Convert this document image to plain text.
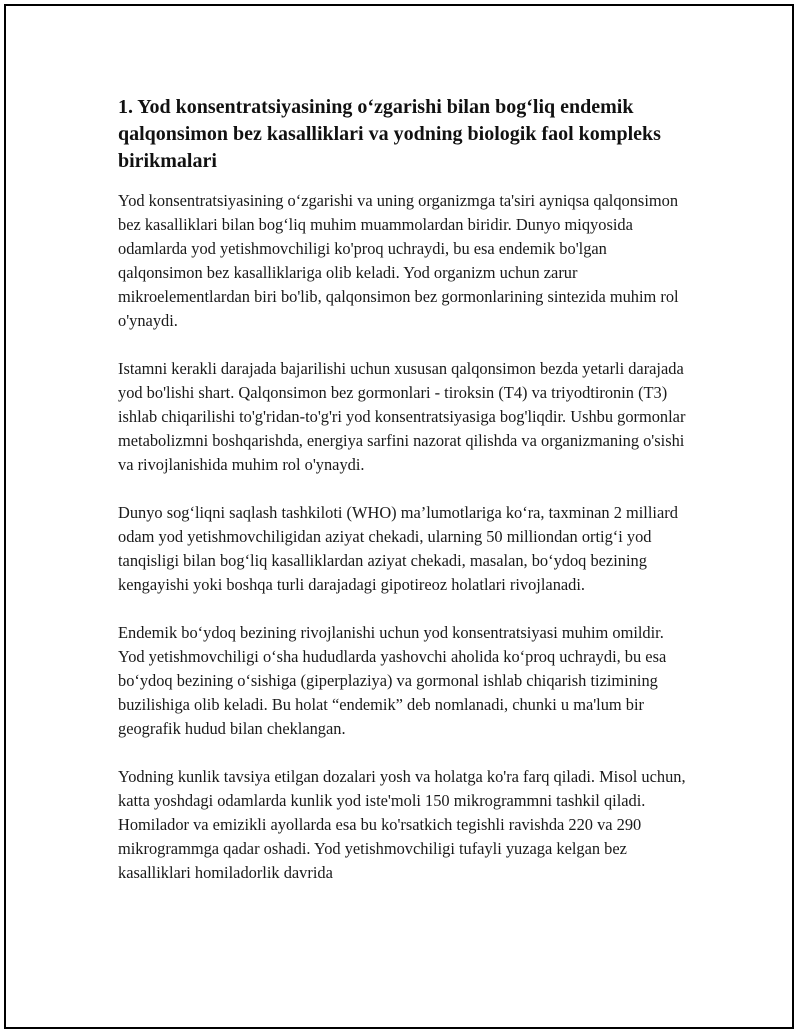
1. Yod konsentratsiyasining o‘zgarishi bilan bog‘liq endemik qalqonsimon bez kasalliklari va yodning biologik faol kompleks birikmalari

Yod konsentratsiyasining o‘zgarishi va uning organizmga ta'siri ayniqsa qalqonsimon bez kasalliklari bilan bog‘liq muhim muammolardan biridir. Dunyo miqyosida odamlarda yod yetishmovchiligi ko'proq uchraydi, bu esa endemik bo'lgan qalqonsimon bez kasalliklariga olib keladi. Yod organizm uchun zarur mikroelementlardan biri bo'lib, qalqonsimon bez gormonlarining sintezida muhim rol o'ynaydi.

Istamni kerakli darajada bajarilishi uchun xususan qalqonsimon bezda yetarli darajada yod bo'lishi shart. Qalqonsimon bez gormonlari - tiroksin (T4) va triyodtironin (T3) ishlab chiqarilishi to'g'ridan-to'g'ri yod konsentratsiyasiga bog'liqdir. Ushbu gormonlar metabolizmni boshqarishda, energiya sarfini nazorat qilishda va organizmaning o'sishi va rivojlanishida muhim rol o'ynaydi.

Dunyo sog‘liqni saqlash tashkiloti (WHO) ma’lumotlariga ko‘ra, taxminan 2 milliard odam yod yetishmovchiligidan aziyat chekadi, ularning 50 milliondan ortig‘i yod tanqisligi bilan bog‘liq kasalliklardan aziyat chekadi, masalan, bo‘ydoq bezining kengayishi yoki boshqa turli darajadagi gipotireoz holatlari rivojlanadi.

Endemik bo‘ydoq bezining rivojlanishi uchun yod konsentratsiyasi muhim omildir. Yod yetishmovchiligi o‘sha hududlarda yashovchi aholida ko‘proq uchraydi, bu esa bo‘ydoq bezining o‘sishiga (giperplaziya) va gormonal ishlab chiqarish tizimining buzilishiga olib keladi. Bu holat “endemik” deb nomlanadi, chunki u ma'lum bir geografik hudud bilan cheklangan.

Yodning kunlik tavsiya etilgan dozalari yosh va holatga ko'ra farq qiladi. Misol uchun, katta yoshdagi odamlarda kunlik yod iste'moli 150 mikrogrammni tashkil qiladi. Homilador va emizikli ayollarda esa bu ko'rsatkich tegishli ravishda 220 va 290 mikrogrammga qadar oshadi. Yod yetishmovchiligi tufayli yuzaga kelgan bez kasalliklari homiladorlik davrida
